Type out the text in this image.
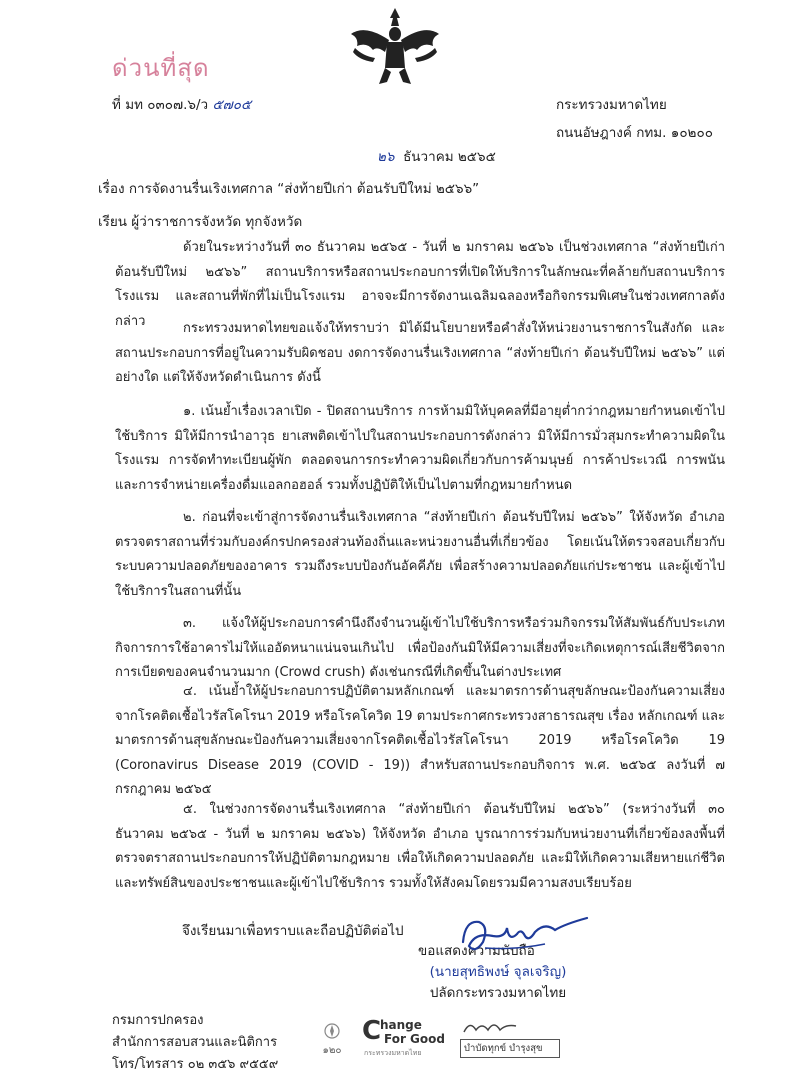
ด่วนที่สุด
ที่ มท ๐๓๐๗.๖/ว ๕๗๐๕	กระทรวงมหาดไทย
ถนนอัษฎางค์ กทม. ๑๐๒๐๐
๒๖ ธันวาคม ๒๕๖๕
เรื่อง การจัดงานรื่นเริงเทศกาล “ส่งท้ายปีเก่า ต้อนรับปีใหม่ ๒๕๖๖”
เรียน ผู้ว่าราชการจังหวัด ทุกจังหวัด
ด้วยในระหว่างวันที่ ๓๐ ธันวาคม ๒๕๖๕ - วันที่ ๒ มกราคม ๒๕๖๖ เป็นช่วงเทศกาล “ส่งท้ายปีเก่า ต้อนรับปีใหม่ ๒๕๖๖” สถานบริการหรือสถานประกอบการที่เปิดให้บริการในลักษณะที่คล้ายกับสถานบริการ โรงแรม และสถานที่พักที่ไม่เป็นโรงแรม อาจจะมีการจัดงานเฉลิมฉลองหรือกิจกรรมพิเศษในช่วงเทศกาลดังกล่าว	กระทรวงมหาดไทยขอแจ้งให้ทราบว่า มิได้มีนโยบายหรือคำสั่งให้หน่วยงานราชการในสังกัด และสถานประกอบการที่อยู่ในความรับผิดชอบ งดการจัดงานรื่นเริงเทศกาล “ส่งท้ายปีเก่า ต้อนรับปีใหม่ ๒๕๖๖” แต่อย่างใด แต่ให้จังหวัดดำเนินการ ดังนี้
๑. เน้นย้ำเรื่องเวลาเปิด - ปิดสถานบริการ การห้ามมิให้บุคคลที่มีอายุต่ำกว่ากฎหมายกำหนดเข้าไปใช้บริการ มิให้มีการนำอาวุธ ยาเสพติดเข้าไปในสถานประกอบการดังกล่าว มิให้มีการมั่วสุมกระทำความผิดในโรงแรม การจัดทำทะเบียนผู้พัก ตลอดจนการกระทำความผิดเกี่ยวกับการค้ามนุษย์ การค้าประเวณี การพนัน และการจำหน่ายเครื่องดื่มแอลกอฮอล์ รวมทั้งปฏิบัติให้เป็นไปตามที่กฎหมายกำหนด
๒. ก่อนที่จะเข้าสู่การจัดงานรื่นเริงเทศกาล “ส่งท้ายปีเก่า ต้อนรับปีใหม่ ๒๕๖๖” ให้จังหวัด อำเภอ ตรวจตราสถานที่ร่วมกับองค์กรปกครองส่วนท้องถิ่นและหน่วยงานอื่นที่เกี่ยวข้อง โดยเน้นให้ตรวจสอบเกี่ยวกับระบบความปลอดภัยของอาคาร รวมถึงระบบป้องกันอัคคีภัย เพื่อสร้างความปลอดภัยแก่ประชาชน และผู้เข้าไปใช้บริการในสถานที่นั้น
๓. แจ้งให้ผู้ประกอบการคำนึงถึงจำนวนผู้เข้าไปใช้บริการหรือร่วมกิจกรรมให้สัมพันธ์กับประเภทกิจการการใช้อาคารไม่ให้แออัดหนาแน่นจนเกินไป เพื่อป้องกันมิให้มีความเสี่ยงที่จะเกิดเหตุการณ์เสียชีวิตจากการเบียดของคนจำนวนมาก (Crowd crush) ดังเช่นกรณีที่เกิดขึ้นในต่างประเทศ
๔. เน้นย้ำให้ผู้ประกอบการปฏิบัติตามหลักเกณฑ์ และมาตรการด้านสุขลักษณะป้องกันความเสี่ยงจากโรคติดเชื้อไวรัสโคโรนา 2019 หรือโรคโควิด 19 ตามประกาศกระทรวงสาธารณสุข เรื่อง หลักเกณฑ์ และมาตรการด้านสุขลักษณะป้องกันความเสี่ยงจากโรคติดเชื้อไวรัสโคโรนา 2019 หรือโรคโควิด 19 (Coronavirus Disease 2019 (COVID - 19)) สำหรับสถานประกอบกิจการ พ.ศ. ๒๕๖๕ ลงวันที่ ๗ กรกฎาคม ๒๕๖๕
๕. ในช่วงการจัดงานรื่นเริงเทศกาล “ส่งท้ายปีเก่า ต้อนรับปีใหม่ ๒๕๖๖” (ระหว่างวันที่ ๓๐ ธันวาคม ๒๕๖๕ - วันที่ ๒ มกราคม ๒๕๖๖) ให้จังหวัด อำเภอ บูรณาการร่วมกับหน่วยงานที่เกี่ยวข้องลงพื้นที่ตรวจตราสถานประกอบการให้ปฏิบัติตามกฎหมาย เพื่อให้เกิดความปลอดภัย และมิให้เกิดความเสียหายแก่ชีวิตและทรัพย์สินของประชาชนและผู้เข้าไปใช้บริการ รวมทั้งให้สังคมโดยรวมมีความสงบเรียบร้อย
จึงเรียนมาเพื่อทราบและถือปฏิบัติต่อไป
ขอแสดงความนับถือ
(นายสุทธิพงษ์ จุลเจริญ)
ปลัดกระทรวงมหาดไทย
กรมการปกครอง
สำนักการสอบสวนและนิติการ
โทร/โทรสาร ๐๒ ๓๕๖ ๙๕๕๙
๑๒๐
C
hange
For Good
กระทรวงมหาดไทย	บำบัดทุกข์ บำรุงสุข
